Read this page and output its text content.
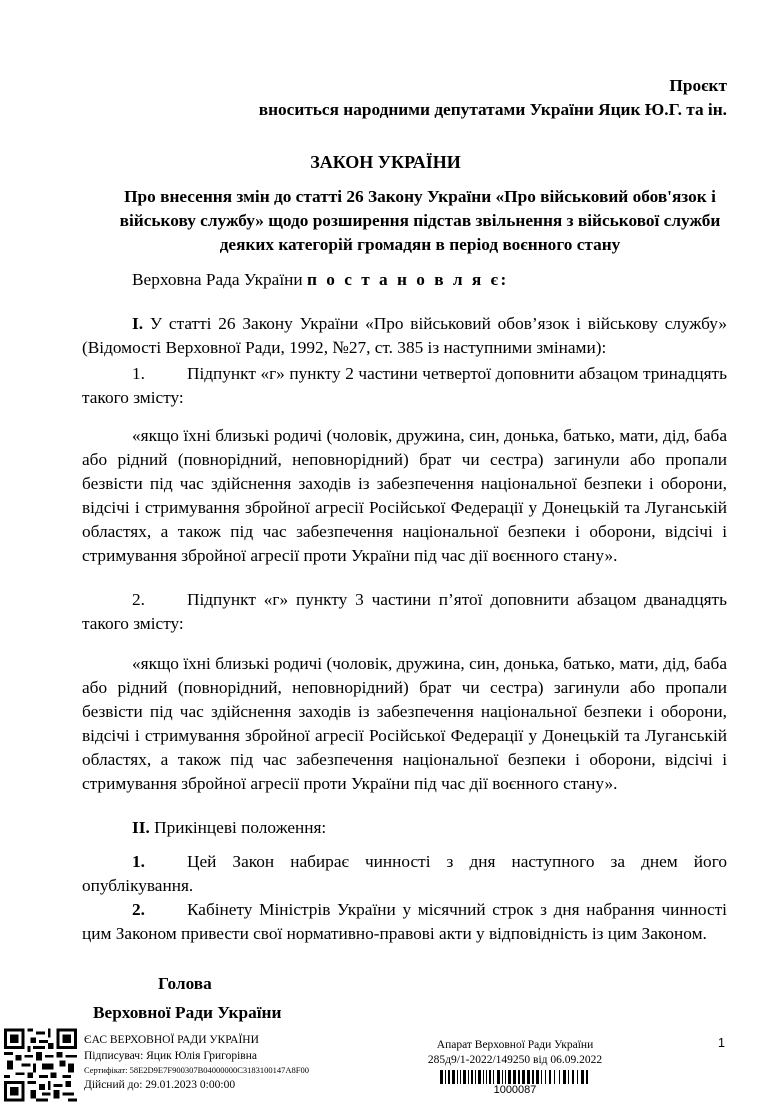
Проєкт
вноситься народними депутатами України Яцик Ю.Г. та ін.
ЗАКОН УКРАЇНИ
Про внесення змін до статті 26 Закону України «Про військовий обов'язок і військову службу» щодо розширення підстав звільнення з військової служби деяких категорій громадян в період воєнного стану
Верховна Рада України п о с т а н о в л я є:
I. У статті 26 Закону України «Про військовий обов’язок і військову службу» (Відомості Верховної Ради, 1992, №27, ст. 385 із наступними змінами):
1. Підпункт «г» пункту 2 частини четвертої доповнити абзацом тринадцять такого змісту:
«якщо їхні близькі родичі (чоловік, дружина, син, донька, батько, мати, дід, баба або рідний (повнорідний, неповнорідний) брат чи сестра) загинули або пропали безвісти під час здійснення заходів із забезпечення національної безпеки і оборони, відсічі і стримування збройної агресії Російської Федерації у Донецькій та Луганській областях, а також під час забезпечення національної безпеки і оборони, відсічі і стримування збройної агресії проти України під час дії воєнного стану».
2. Підпункт «г» пункту 3 частини п’ятої доповнити абзацом дванадцять такого змісту:
«якщо їхні близькі родичі (чоловік, дружина, син, донька, батько, мати, дід, баба або рідний (повнорідний, неповнорідний) брат чи сестра) загинули або пропали безвісти під час здійснення заходів із забезпечення національної безпеки і оборони, відсічі і стримування збройної агресії Російської Федерації у Донецькій та Луганській областях, а також під час забезпечення національної безпеки і оборони, відсічі і стримування збройної агресії проти України під час дії воєнного стану».
II. Прикінцеві положення:
1. Цей Закон набирає чинності з дня наступного за днем його опублікування.
2. Кабінету Міністрів України у місячний строк з дня набрання чинності цим Законом привести свої нормативно-правові акти у відповідність із цим Законом.
Голова
Верховної Ради України
ЄАС ВЕРХОВНОЇ РАДИ УКРАЇНИ
Підписувач: Яцик Юлія Григорівна
Сертифікат: 58E2D9E7F900307B04000000C3183100147A8F00
Дійсний до: 29.01.2023 0:00:00
Апарат Верховної Ради України
285д9/1-2022/149250 від 06.09.2022
1000087
1
